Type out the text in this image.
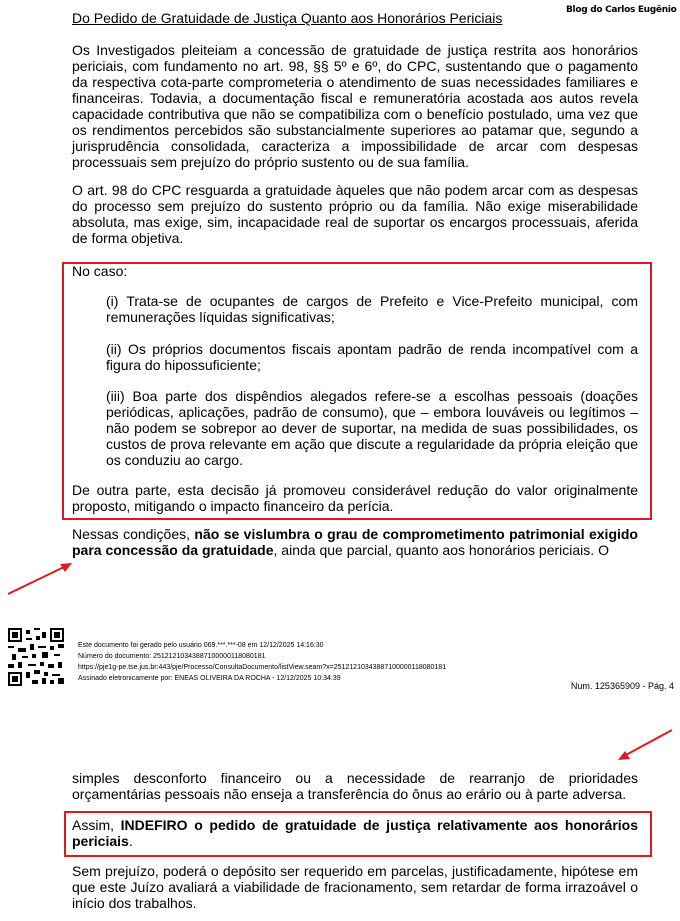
Blog do Carlos Eugênio
Do Pedido de Gratuidade de Justiça Quanto aos Honorários Periciais
Os Investigados pleiteiam a concessão de gratuidade de justiça restrita aos honorários periciais, com fundamento no art. 98, §§ 5º e 6º, do CPC, sustentando que o pagamento da respectiva cota-parte comprometeria o atendimento de suas necessidades familiares e financeiras. Todavia, a documentação fiscal e remuneratória acostada aos autos revela capacidade contributiva que não se compatibiliza com o benefício postulado, uma vez que os rendimentos percebidos são substancialmente superiores ao patamar que, segundo a jurisprudência consolidada, caracteriza a impossibilidade de arcar com despesas processuais sem prejuízo do próprio sustento ou de sua família.
O art. 98 do CPC resguarda a gratuidade àqueles que não podem arcar com as despesas do processo sem prejuízo do sustento próprio ou da família. Não exige miserabilidade absoluta, mas exige, sim, incapacidade real de suportar os encargos processuais, aferida de forma objetiva.
No caso:
(i) Trata-se de ocupantes de cargos de Prefeito e Vice-Prefeito municipal, com remunerações líquidas significativas;
(ii) Os próprios documentos fiscais apontam padrão de renda incompatível com a figura do hipossuficiente;
(iii) Boa parte dos dispêndios alegados refere-se a escolhas pessoais (doações periódicas, aplicações, padrão de consumo), que – embora louváveis ou legítimos – não podem se sobrepor ao dever de suportar, na medida de suas possibilidades, os custos de prova relevante em ação que discute a regularidade da própria eleição que os conduziu ao cargo.
De outra parte, esta decisão já promoveu considerável redução do valor originalmente proposto, mitigando o impacto financeiro da perícia.
Nessas condições, não se vislumbra o grau de comprometimento patrimonial exigido para concessão da gratuidade, ainda que parcial, quanto aos honorários periciais. O
Este documento foi gerado pelo usuário 069.***.***-08 em 12/12/2025 14:16:30
Número do documento: 25121210343887100000118080181
https://pje1g-pe.tse.jus.br:443/pje/Processo/ConsultaDocumento/listView.seam?x=25121210343887100000118080181
Assinado eletronicamente por: ENEAS OLIVEIRA DA ROCHA - 12/12/2025 10:34:39
Num. 125365909 - Pág. 4
simples desconforto financeiro ou a necessidade de rearranjo de prioridades orçamentárias pessoais não enseja a transferência do ônus ao erário ou à parte adversa.
Assim, INDEFIRO o pedido de gratuidade de justiça relativamente aos honorários periciais.
Sem prejuízo, poderá o depósito ser requerido em parcelas, justificadamente, hipótese em que este Juízo avaliará a viabilidade de fracionamento, sem retardar de forma irrazoável o início dos trabalhos.
